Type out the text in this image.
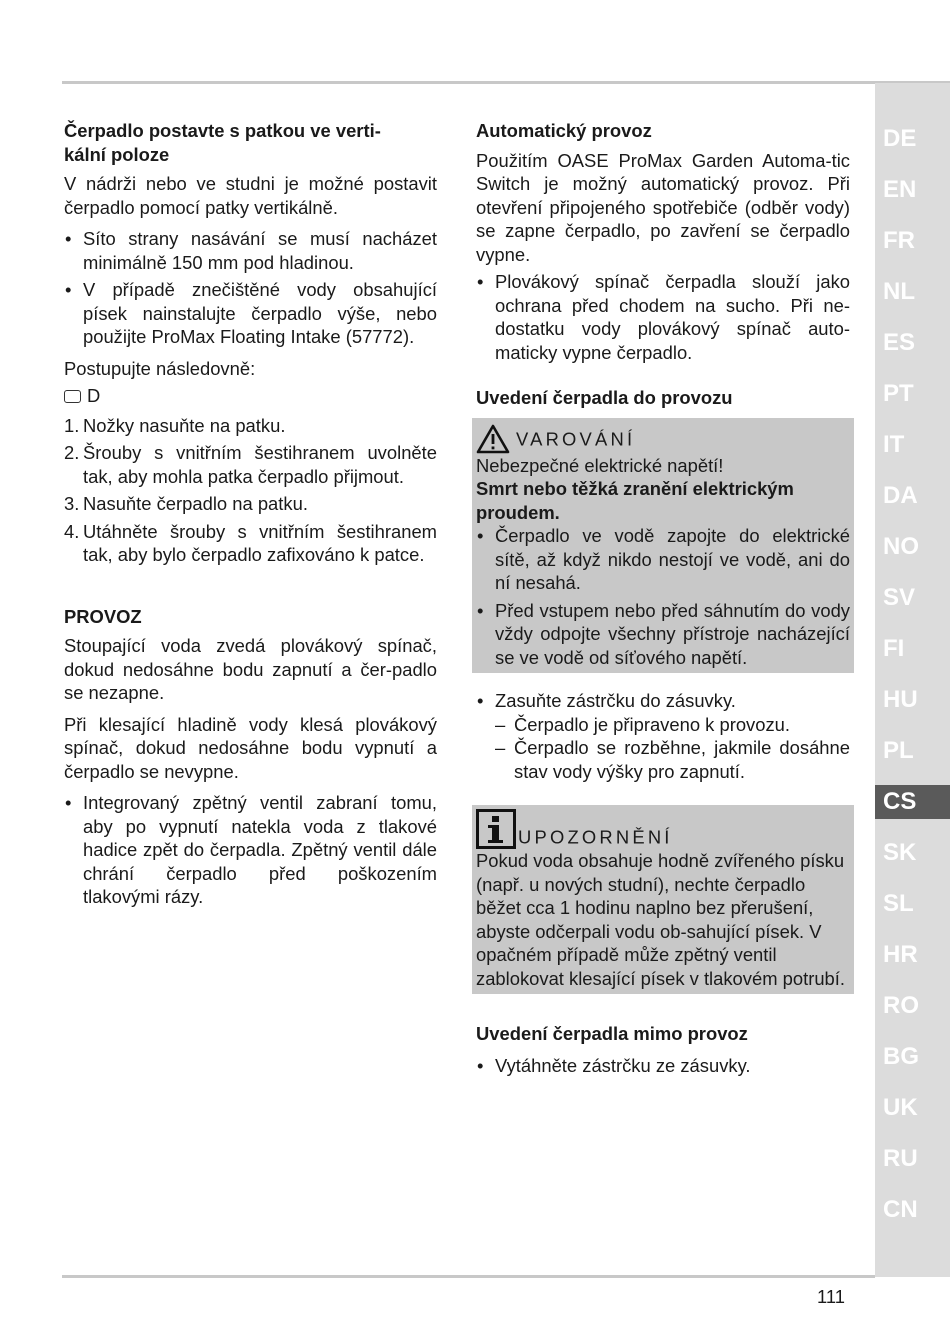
Čerpadlo postavte s patkou ve verti-
kální poloze

V nádrži nebo ve studni je možné postavit čerpadlo pomocí patky vertikálně.

• Síto strany nasávání se musí nacházet minimálně 150 mm pod hladinou.
• V případě znečištěné vody obsahující písek nainstalujte čerpadlo výše, nebo použijte ProMax Floating Intake (57772).

Postupujte následovně:

D

1. Nožky nasuňte na patku.
2. Šrouby s vnitřním šestihranem uvolněte tak, aby mohla patka čerpadlo přijmout.
3. Nasuňte čerpadlo na patku.
4. Utáhněte šrouby s vnitřním šestihranem tak, aby bylo čerpadlo zafixováno k patce.
PROVOZ

Stoupající voda zvedá plovákový spínač, dokud nedosáhne bodu zapnutí a čer-padlo se nezapne.

Při klesající hladině vody klesá plovákový spínač, dokud nedosáhne bodu vypnutí a čerpadlo se nevypne.

• Integrovaný zpětný ventil zabraní tomu, aby po vypnutí natekla voda z tlakové hadice zpět do čerpadla. Zpětný ventil dále chrání čerpadlo před poškozením tlakovými rázy.
Automatický provoz

Použitím OASE ProMax Garden Automa-tic Switch je možný automatický provoz. Při otevření připojeného spotřebiče (odběr vody) se zapne čerpadlo, po zavření se čerpadlo vypne.

• Plovákový spínač čerpadla slouží jako ochrana před chodem na sucho. Při ne-dostatku vody plovákový spínač auto-maticky vypne čerpadlo.
Uvedení čerpadla do provozu
VAROVÁNÍ
Nebezpečné elektrické napětí!
Smrt nebo těžká zranění elektrickým proudem.
• Čerpadlo ve vodě zapojte do elektrické sítě, až když nikdo nestojí ve vodě, ani do ní nesahá.
• Před vstupem nebo před sáhnutím do vody vždy odpojte všechny přístroje nacházející se ve vodě od síťového napětí.
• Zasuňte zástrčku do zásuvky.
– Čerpadlo je připraveno k provozu.
– Čerpadlo se rozběhne, jakmile dosáhne stav vody výšky pro zapnutí.
UPOZORNĚNÍ
Pokud voda obsahuje hodně zvířeného písku (např. u nových studní), nechte čerpadlo běžet cca 1 hodinu naplno bez přerušení, abyste odčerpali vodu ob-sahující písek. V opačném případě může zpětný ventil zablokovat klesající písek v tlakovém potrubí.
Uvedení čerpadla mimo provoz
• Vytáhněte zástrčku ze zásuvky.
DE
EN
FR
NL
ES
PT
IT
DA
NO
SV
FI
HU
PL
CS
SK
SL
HR
RO
BG
UK
RU
CN
111
